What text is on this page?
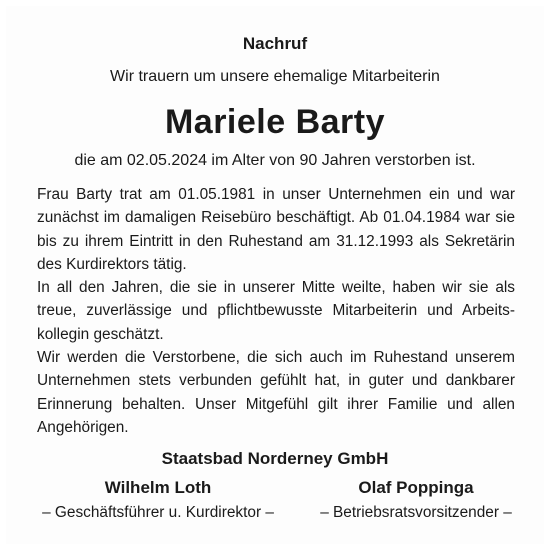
Nachruf
Wir trauern um unsere ehemalige Mitarbeiterin
Mariele Barty
die am 02.05.2024 im Alter von 90 Jahren verstorben ist.

Frau Barty trat am 01.05.1981 in unser Unternehmen ein und war zunächst im damaligen Reisebüro beschäftigt. Ab 01.04.1984 war sie bis zu ihrem Eintritt in den Ruhestand am 31.12.1993 als Sekretärin des Kurdirektors tätig.

In all den Jahren, die sie in unserer Mitte weilte, haben wir sie als treue, zuverlässige und pflichtbewusste Mitarbeiterin und Arbeitskollegin geschätzt.

Wir werden die Verstorbene, die sich auch im Ruhestand unserem Unternehmen stets verbunden gefühlt hat, in guter und dankbarer Erinnerung behalten. Unser Mitgefühl gilt ihrer Familie und allen Angehörigen.

Staatsbad Norderney GmbH
Wilhelm Loth
– Geschäftsführer u. Kurdirektor –
Olaf Poppinga
– Betriebsratsvorsitzender –
